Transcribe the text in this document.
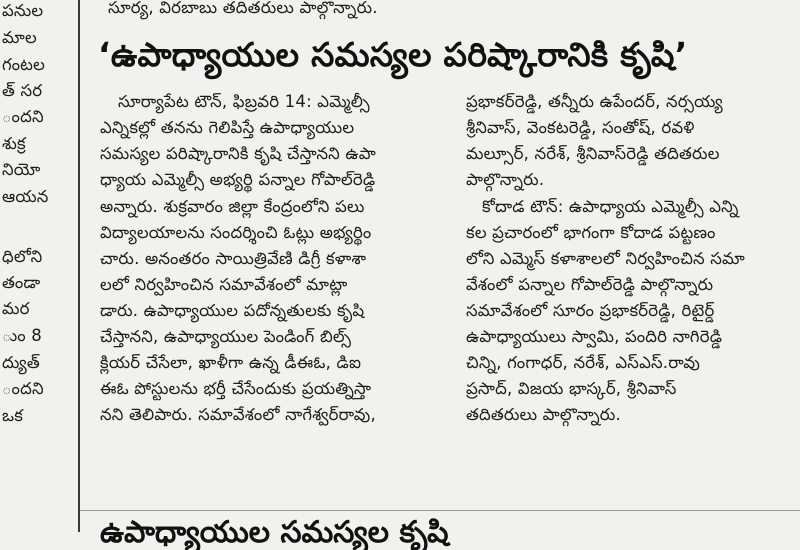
సూర్య, విరబాబు తదితరులు పాల్గొన్నారు.
‘ఉపాధ్యాయుల సమస్యల పరిష్కారానికి కృషి’
ఉపాధ్యాయుల సమస్యల కృషి
పనుల
మాల
గంటల
త్ సర
ందని
శుక్ర
నియో
ఆయన
ధిలోని
తండా
మర
ుం 8
ద్యుత్
ందని
ఒక
సూర్యాపేట టౌన్, ఫిబ్రవరి 14: ఎమ్మెల్సీ
ఎన్నికల్లో తనను గెలిపిస్తే ఉపాధ్యాయుల
సమస్యల పరిష్కారానికి కృషి చేస్తానని ఉపా
ధ్యాయ ఎమ్మెల్సీ అభ్యర్థి పన్నాల గోపాల్‌రెడ్డి
అన్నారు. శుక్రవారం జిల్లా కేంద్రంలోని పలు
విద్యాలయాలను సందర్శించి ఓట్లు అభ్యర్థిం
చారు. అనంతరం సాయిత్రివేణి డిగ్రీ కళాశా
లలో నిర్వహించిన సమావేశంలో మాట్లా
డారు. ఉపాధ్యాయుల పదోన్నతులకు కృషి
చేస్తానని, ఉపాధ్యాయుల పెండింగ్ బిల్స్
క్లియర్ చేసేలా, ఖాళీగా ఉన్న డీఈఓ, డిఐ
ఈఓ పోస్టులను భర్తీ చేసేందుకు ప్రయత్నిస్తా
నని తెలిపారు. సమావేశంలో నాగేశ్వర్‌రావు,
ప్రభాకర్‌రెడ్డి, తన్నీరు ఉపేందర్, నర్సయ్య
శ్రీనివాస్, వెంకటరెడ్డి, సంతోష్, రవళి
మల్సూర్, నరేశ్, శ్రీనివాస్‌రెడ్డి తదితరుల
పాల్గొన్నారు.
కోదాడ టౌన్: ఉపాధ్యాయ ఎమ్మెల్సీ ఎన్ని
కల ప్రచారంలో భాగంగా కోదాడ పట్టణం
లోని ఎమ్మెస్ కళాశాలలో నిర్వహించిన సమా
వేశంలో పన్నాల గోపాల్‌రెడ్డి పాల్గొన్నారు
సమావేశంలో సూరం ప్రభాకర్‌రెడ్డి, రిటైర్డ్
ఉపాధ్యాయులు స్వామి, పందిరి నాగిరెడ్డి
చిన్ని, గంగాధర్, నరేశ్, ఎస్‌ఎస్.రావు
ప్రసాద్, విజయ భాస్కర్, శ్రీనివాస్
తదితరులు పాల్గొన్నారు.
